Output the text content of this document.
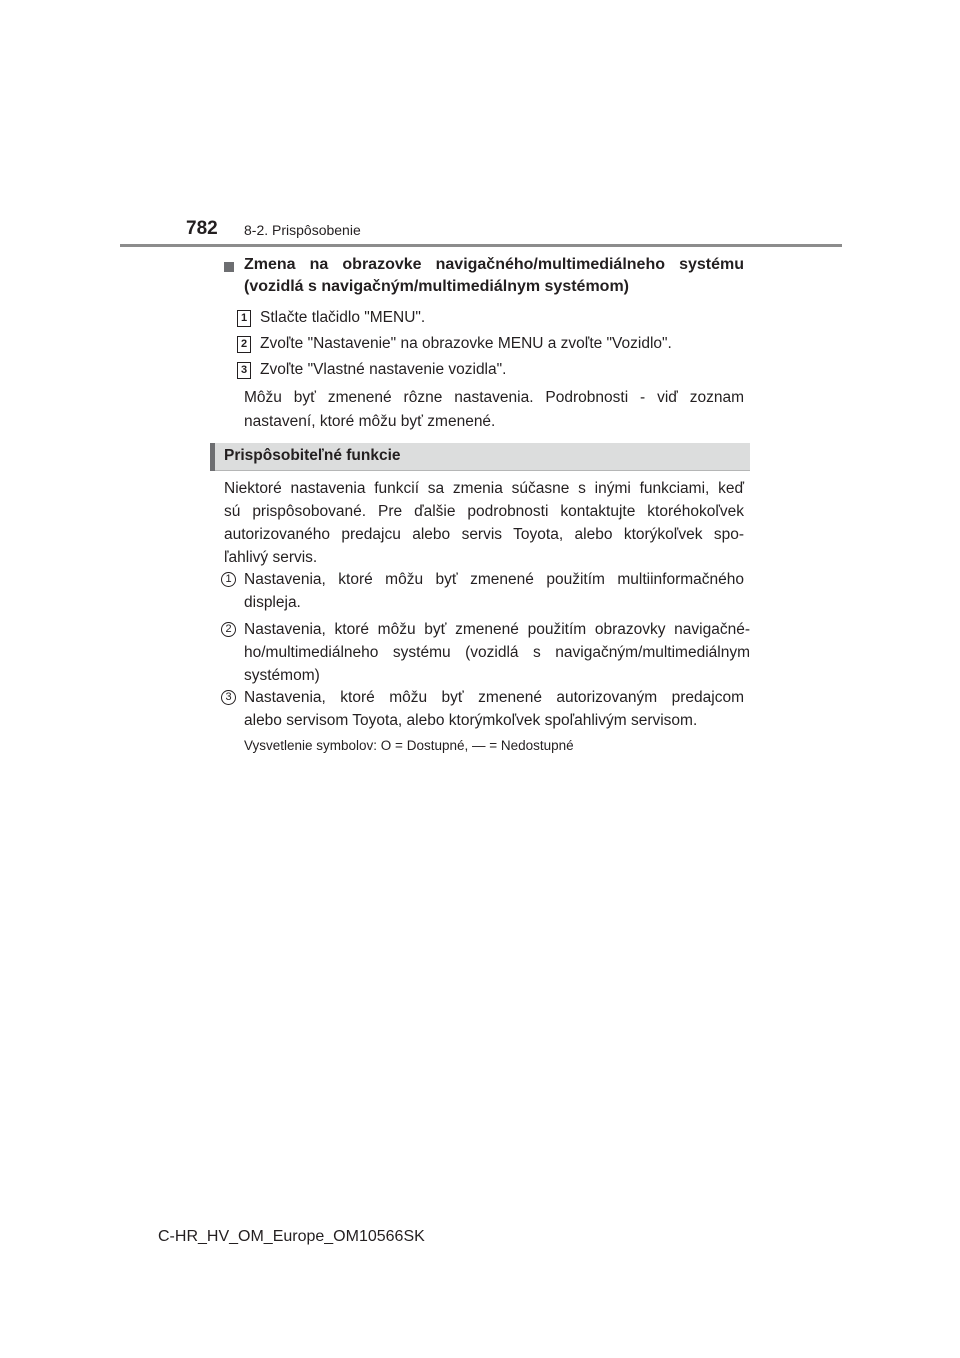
782 8-2. Prispôsobenie
Zmena na obrazovke navigačného/multimediálneho systému
(vozidlá s navigačným/multimediálnym systémom)
1 Stlačte tlačidlo "MENU".
2 Zvoľte "Nastavenie" na obrazovke MENU a zvoľte "Vozidlo".
3 Zvoľte "Vlastné nastavenie vozidla".
Môžu byť zmenené rôzne nastavenia. Podrobnosti - viď zoznam
nastavení, ktoré môžu byť zmenené.
Prispôsobiteľné funkcie
Niektoré nastavenia funkcií sa zmenia súčasne s inými funkciami, keď
sú prispôsobované. Pre ďalšie podrobnosti kontaktujte ktoréhokoľvek
autorizovaného predajcu alebo servis Toyota, alebo ktorýkoľvek spo-
ľahlivý servis.
1 Nastavenia, ktoré môžu byť zmenené použitím multiinformačného
displeja.
2 Nastavenia, ktoré môžu byť zmenené použitím obrazovky navigačné-
ho/multimediálneho systému (vozidlá s navigačným/multimediálnym
systémom)
3 Nastavenia, ktoré môžu byť zmenené autorizovaným predajcom
alebo servisom Toyota, alebo ktorýmkoľvek spoľahlivým servisom.
Vysvetlenie symbolov: O = Dostupné, — = Nedostupné
C-HR_HV_OM_Europe_OM10566SK
